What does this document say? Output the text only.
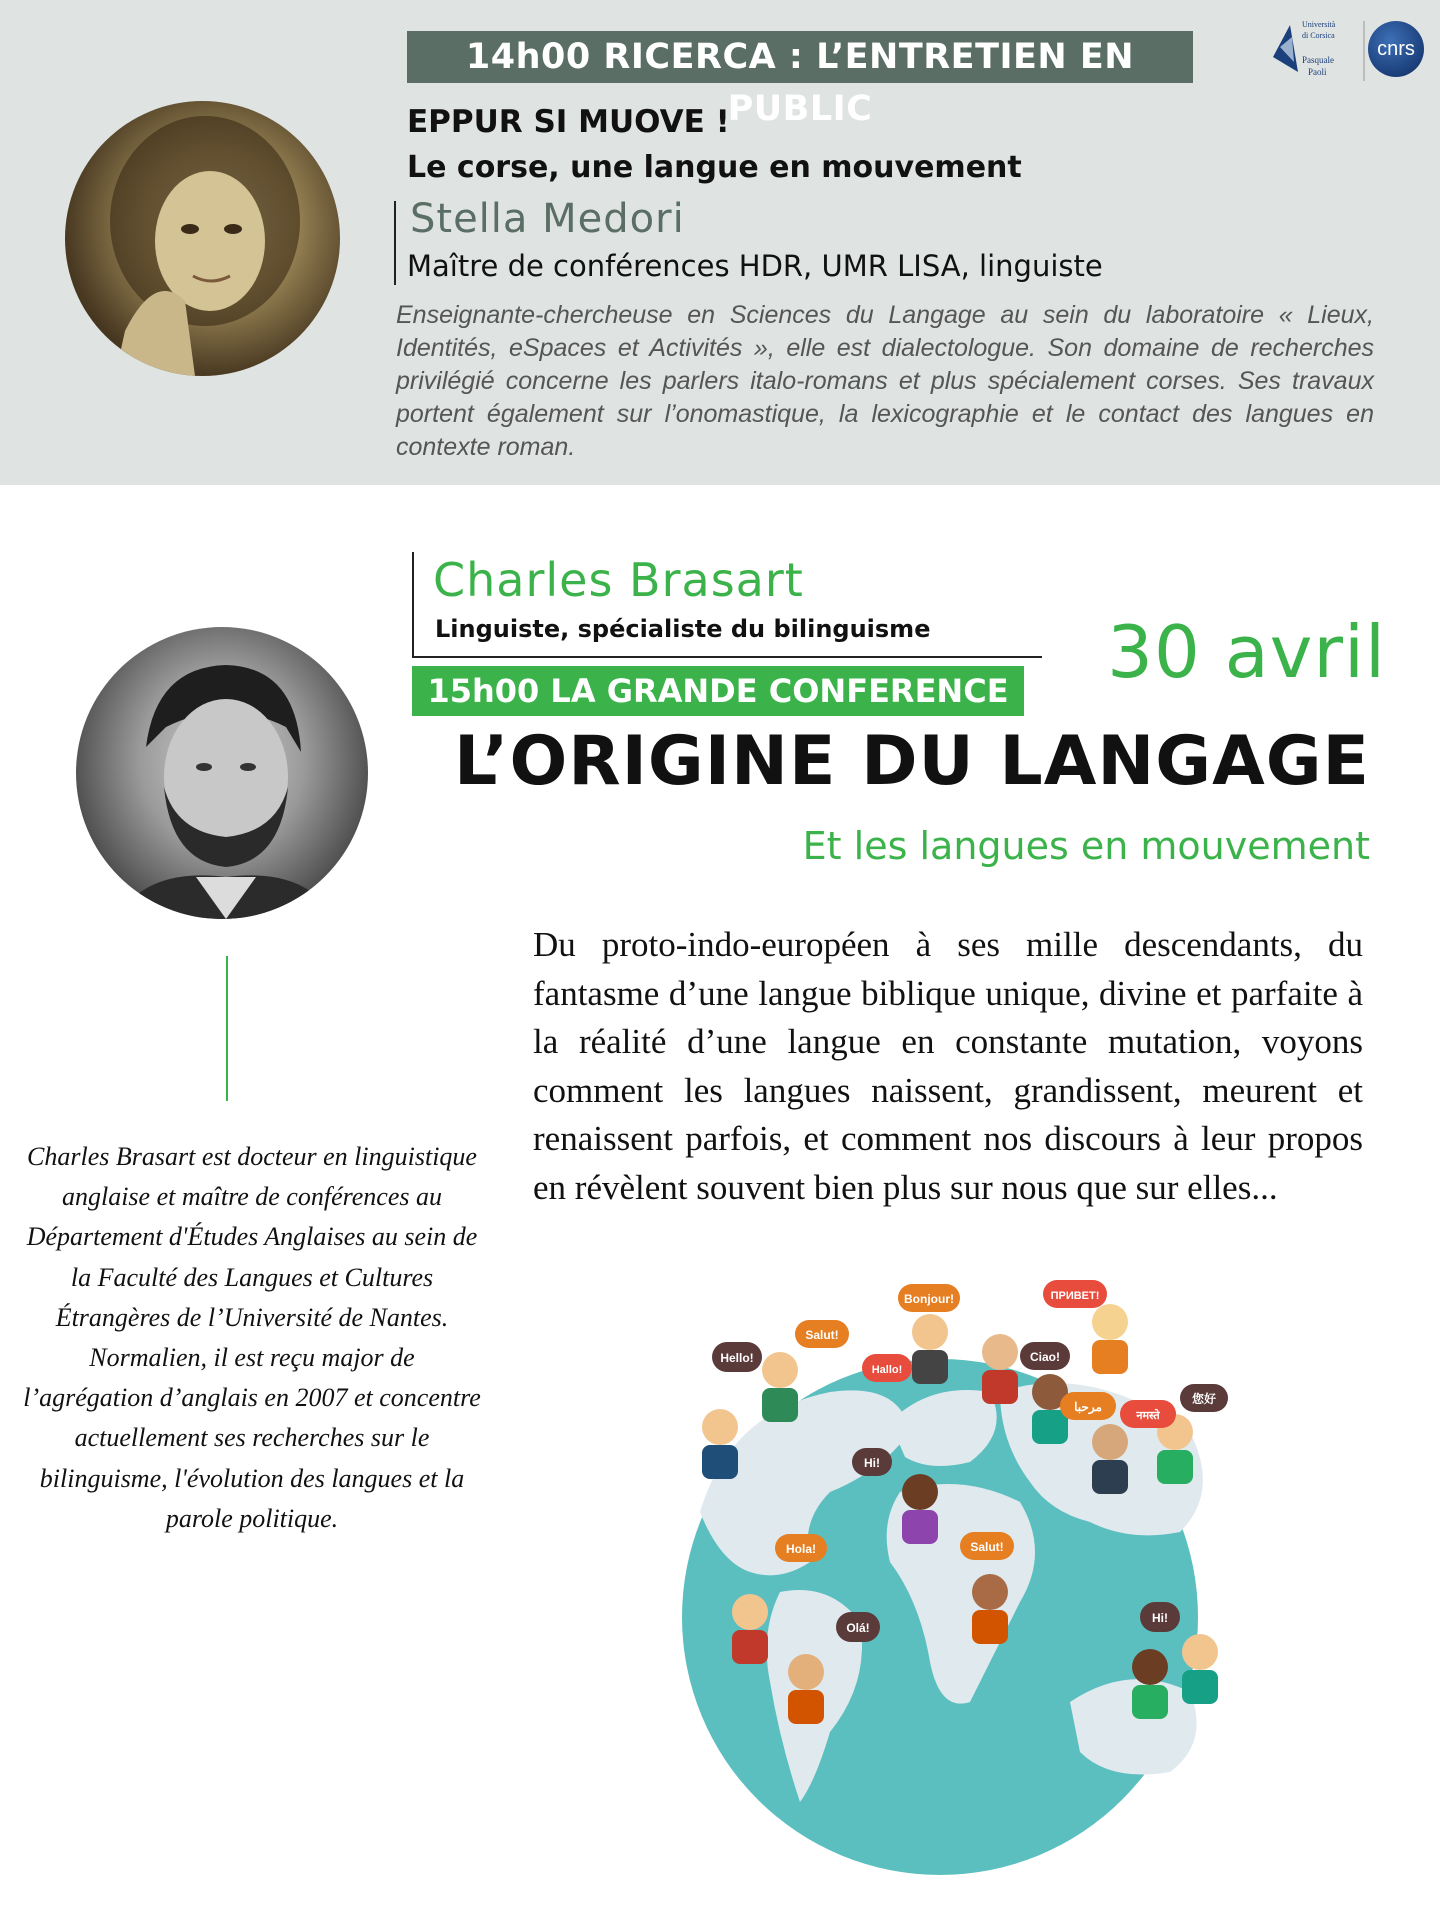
14h00 RICERCA : L’ENTRETIEN EN PUBLIC
Università
di Corsica
Pasquale
Paoli
cnrs
EPPUR SI MUOVE !
Le corse, une langue en mouvement
Stella Medori
Maître de conférences HDR, UMR LISA, linguiste
Enseignante-chercheuse en Sciences du Langage au sein du laboratoire « Lieux, Identités, eSpaces et Activités », elle est dialectologue. Son domaine de recherches privilégié concerne les parlers italo-romans et plus spécialement corses. Ses travaux portent également sur l’onomastique, la lexicographie et le contact des langues en contexte roman.
Charles Brasart
Linguiste, spécialiste du bilinguisme
15h00 LA GRANDE CONFERENCE	30 avril
L’ORIGINE DU LANGAGE
Et les langues en mouvement
Du proto-indo-européen à ses mille descendants, du fantasme d’une langue biblique unique, divine et parfaite à la réalité d’une langue en constante mutation, voyons comment les langues naissent, grandissent, meurent et renaissent parfois, et comment nos discours à leur propos en révèlent souvent bien plus sur nous que sur elles...
Charles Brasart est docteur en linguistique anglaise et maître de conférences au Département d'Études Anglaises au sein de la Faculté des Langues et Cultures Étrangères de l’Université de Nantes. Normalien, il est reçu major de l’agrégation d’anglais en 2007 et concentre actuellement ses recherches sur le bilinguisme, l'évolution des langues et la parole politique.
Bonjour!	ПРИВЕТ!
Hello!
Salut!
Hallo!
Ciao!
مرحبا
नमस्ते
您好
Hi!
Hola!	Salut!
Olá!
Hi!
